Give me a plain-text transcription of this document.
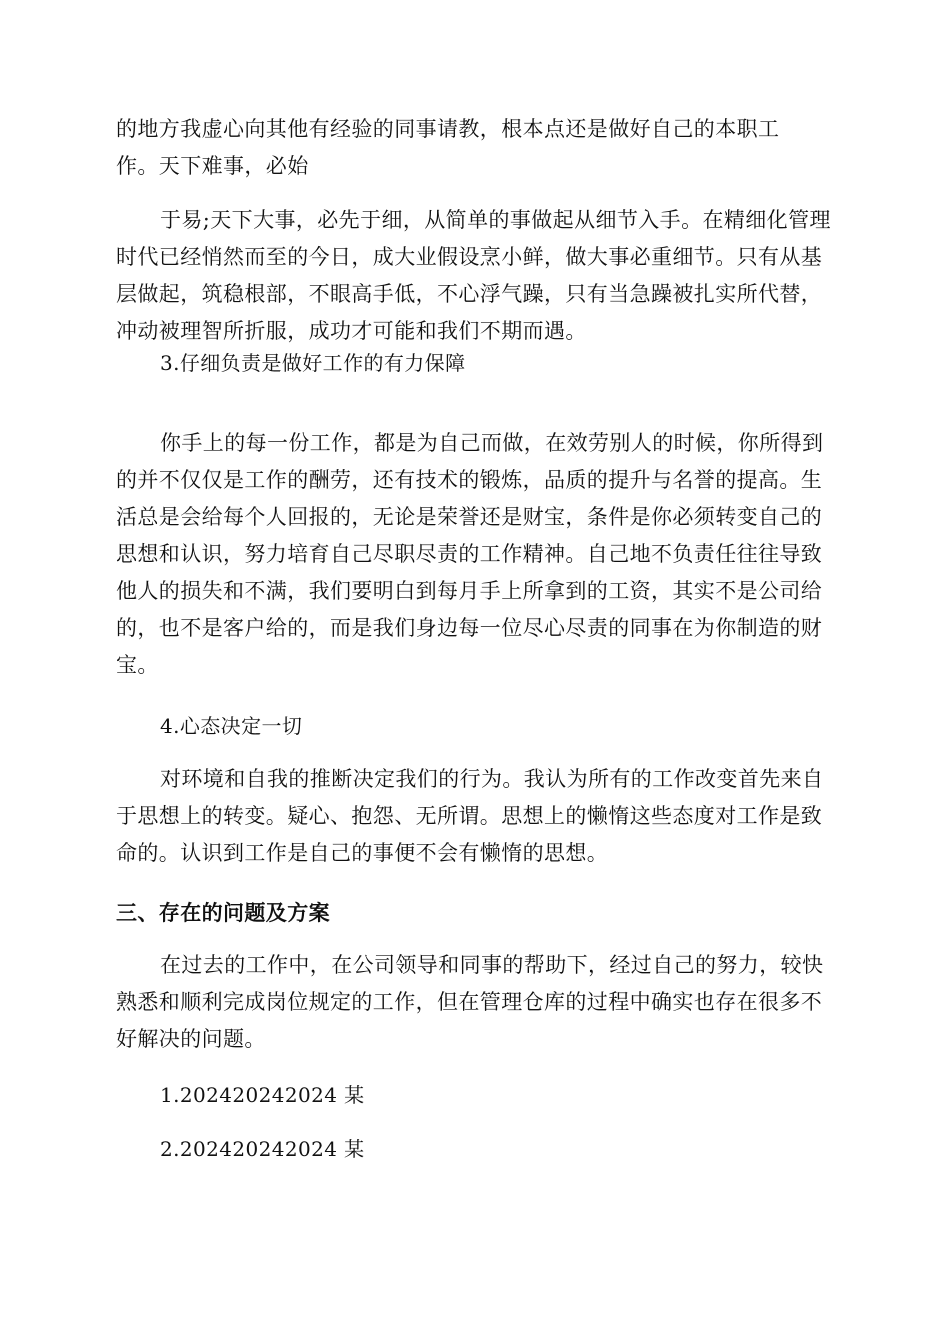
的地方我虚心向其他有经验的同事请教，根本点还是做好自己的本职工
作。天下难事，必始

于易;天下大事，必先于细，从简单的事做起从细节入手。在精细化管理时代已经悄然而至的今日，成大业假设烹小鲜，做大事必重细节。只有从基层做起，筑稳根部，不眼高手低，不心浮气躁，只有当急躁被扎实所代替，冲动被理智所折服，成功才可能和我们不期而遇。

3.仔细负责是做好工作的有力保障

你手上的每一份工作，都是为自己而做，在效劳别人的时候，你所得到的并不仅仅是工作的酬劳，还有技术的锻炼，品质的提升与名誉的提高。生活总是会给每个人回报的，无论是荣誉还是财宝，条件是你必须转变自己的思想和认识，努力培育自己尽职尽责的工作精神。自己地不负责任往往导致他人的损失和不满，我们要明白到每月手上所拿到的工资，其实不是公司给的，也不是客户给的，而是我们身边每一位尽心尽责的同事在为你制造的财宝。

4.心态决定一切

对环境和自我的推断决定我们的行为。我认为所有的工作改变首先来自于思想上的转变。疑心、抱怨、无所谓。思想上的懒惰这些态度对工作是致命的。认识到工作是自己的事便不会有懒惰的思想。

三、存在的问题及方案

在过去的工作中，在公司领导和同事的帮助下，经过自己的努力，较快熟悉和顺利完成岗位规定的工作，但在管理仓库的过程中确实也存在很多不好解决的问题。

1.202420242024 某

2.202420242024 某
